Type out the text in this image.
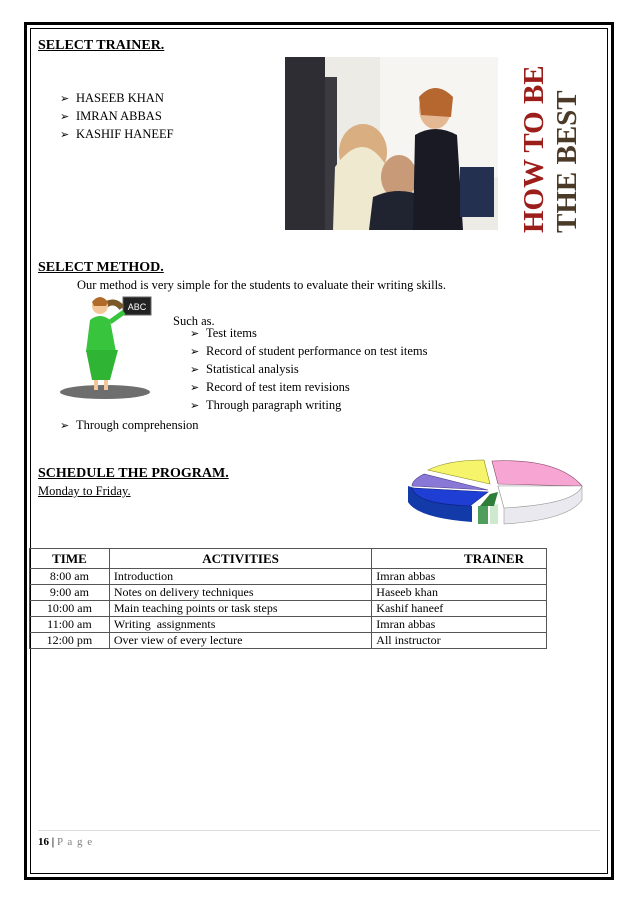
SELECT TRAINER.
➢ HASEEB KHAN
➢ IMRAN ABBAS
➢ KASHIF HANEEF	HOW TO BE THE BEST
SELECT METHOD.
Our method is very simple for the students to evaluate their writing skills.
ABC
Such as.
➢ Test items
➢ Record of student performance on test items
➢ Statistical analysis
➢ Record of test item revisions
➢ Through paragraph writing
➢ Through comprehension
SCHEDULE THE PROGRAM.
Monday to Friday.
TIME	ACTIVITIES	TRAINER
8:00 am	Introduction	Imran abbas
9:00 am	Notes on delivery techniques	Haseeb khan
10:00 am	Main teaching points or task steps	Kashif haneef
11:00 am	Writing  assignments	Imran abbas
12:00 pm	Over view of every lecture	All instructor
16 | P a g e
